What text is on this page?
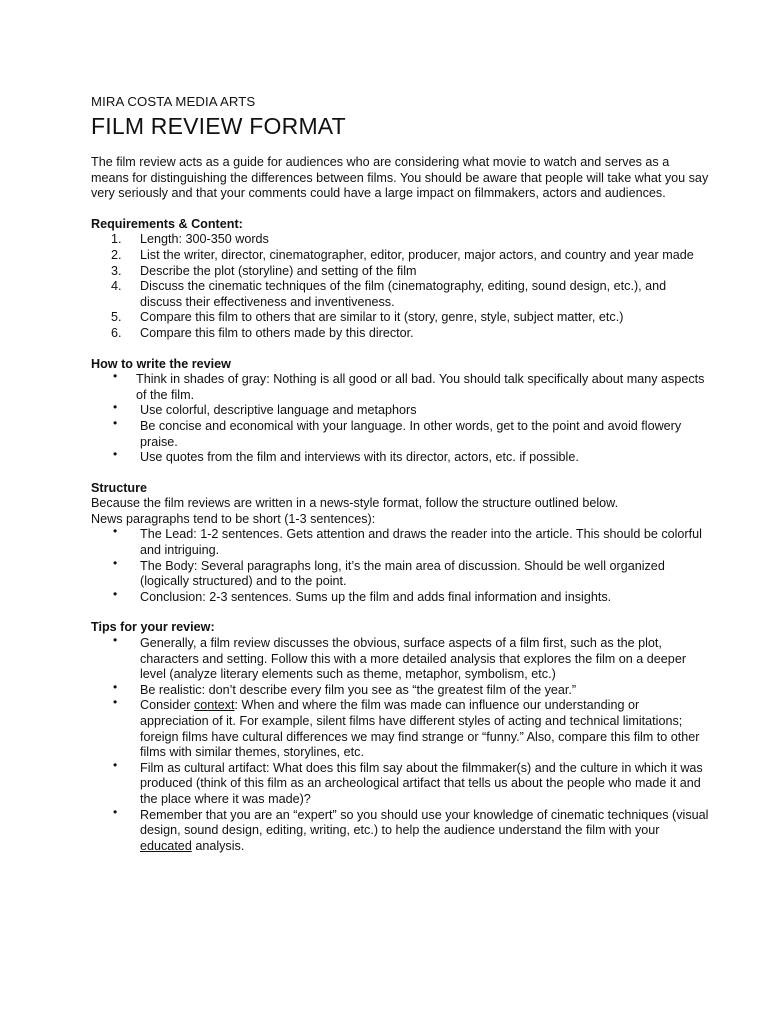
MIRA COSTA MEDIA ARTS

FILM REVIEW FORMAT

The film review acts as a guide for audiences who are considering what movie to watch and serves as a means for distinguishing the differences between films. You should be aware that people will take what you say very seriously and that your comments could have a large impact on filmmakers, actors and audiences.

Requirements & Content:

1. Length: 300-350 words
2. List the writer, director, cinematographer, editor, producer, major actors, and country and year made
3. Describe the plot (storyline) and setting of the film
4. Discuss the cinematic techniques of the film (cinematography, editing, sound design, etc.), and discuss their effectiveness and inventiveness.
5. Compare this film to others that are similar to it (story, genre, style, subject matter, etc.)
6. Compare this film to others made by this director.

How to write the review

• Think in shades of gray: Nothing is all good or all bad. You should talk specifically about many aspects of the film.
• Use colorful, descriptive language and metaphors
• Be concise and economical with your language. In other words, get to the point and avoid flowery praise.
• Use quotes from the film and interviews with its director, actors, etc. if possible.

Structure

Because the film reviews are written in a news-style format, follow the structure outlined below.

News paragraphs tend to be short (1-3 sentences):

• The Lead: 1-2 sentences. Gets attention and draws the reader into the article. This should be colorful and intriguing.
• The Body: Several paragraphs long, it’s the main area of discussion. Should be well organized (logically structured) and to the point.
• Conclusion: 2-3 sentences. Sums up the film and adds final information and insights.

Tips for your review:

• Generally, a film review discusses the obvious, surface aspects of a film first, such as the plot, characters and setting. Follow this with a more detailed analysis that explores the film on a deeper level (analyze literary elements such as theme, metaphor, symbolism, etc.)
• Be realistic: don’t describe every film you see as “the greatest film of the year.”
• Consider context: When and where the film was made can influence our understanding or appreciation of it. For example, silent films have different styles of acting and technical limitations; foreign films have cultural differences we may find strange or “funny.” Also, compare this film to other films with similar themes, storylines, etc.
• Film as cultural artifact: What does this film say about the filmmaker(s) and the culture in which it was produced (think of this film as an archeological artifact that tells us about the people who made it and the place where it was made)?
• Remember that you are an “expert” so you should use your knowledge of cinematic techniques (visual design, sound design, editing, writing, etc.) to help the audience understand the film with your educated analysis.
